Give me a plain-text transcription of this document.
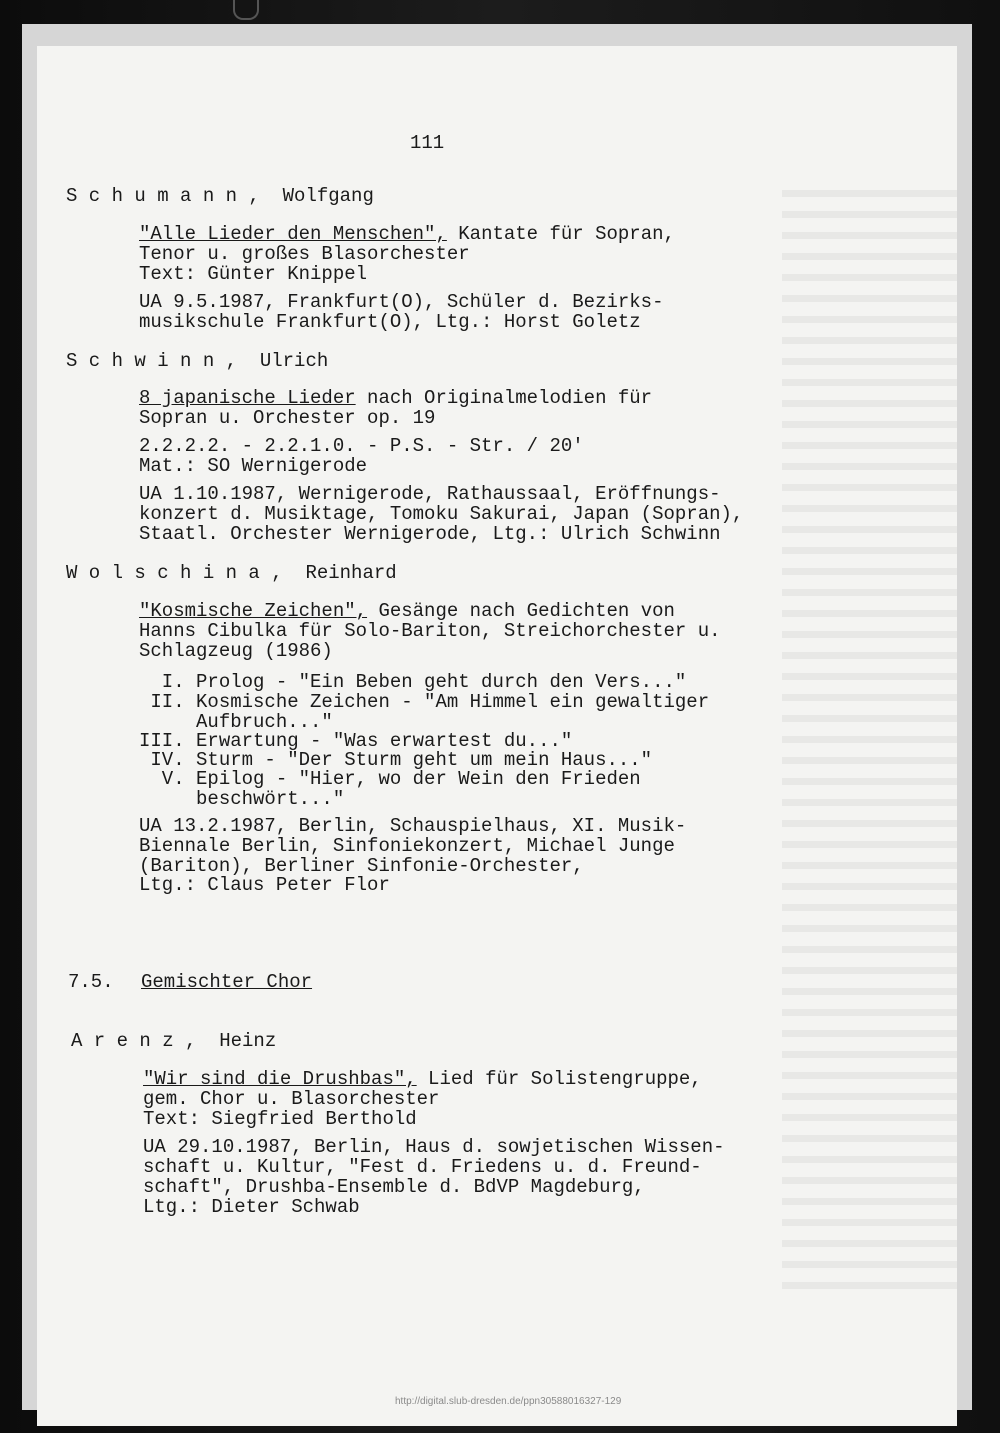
111
S c h u m a n n ,  Wolfgang
"Alle Lieder den Menschen", Kantate für Sopran,
Tenor u. großes Blasorchester
Text: Günter Knippel
UA 9.5.1987, Frankfurt(O), Schüler d. Bezirks-
musikschule Frankfurt(O), Ltg.: Horst Goletz
S c h w i n n ,  Ulrich
8 japanische Lieder nach Originalmelodien für
Sopran u. Orchester op. 19
2.2.2.2. - 2.2.1.0. - P.S. - Str. / 20'
Mat.: SO Wernigerode
UA 1.10.1987, Wernigerode, Rathaussaal, Eröffnungs-
konzert d. Musiktage, Tomoku Sakurai, Japan (Sopran),
Staatl. Orchester Wernigerode, Ltg.: Ulrich Schwinn
W o l s c h i n a ,  Reinhard
"Kosmische Zeichen", Gesänge nach Gedichten von
Hanns Cibulka für Solo-Bariton, Streichorchester u.
Schlagzeug (1986)
I. Prolog - "Ein Beben geht durch den Vers..."
II. Kosmische Zeichen - "Am Himmel ein gewaltiger
Aufbruch..."
III. Erwartung - "Was erwartest du..."
IV. Sturm - "Der Sturm geht um mein Haus..."
V. Epilog - "Hier, wo der Wein den Frieden
beschwört..."
UA 13.2.1987, Berlin, Schauspielhaus, XI. Musik-
Biennale Berlin, Sinfoniekonzert, Michael Junge
(Bariton), Berliner Sinfonie-Orchester,
Ltg.: Claus Peter Flor
7.5. Gemischter Chor
A r e n z ,  Heinz
"Wir sind die Drushbas", Lied für Solistengruppe,
gem. Chor u. Blasorchester
Text: Siegfried Berthold
UA 29.10.1987, Berlin, Haus d. sowjetischen Wissen-
schaft u. Kultur, "Fest d. Friedens u. d. Freund-
schaft", Drushba-Ensemble d. BdVP Magdeburg,
Ltg.: Dieter Schwab
http://digital.slub-dresden.de/ppn30588016327-129
